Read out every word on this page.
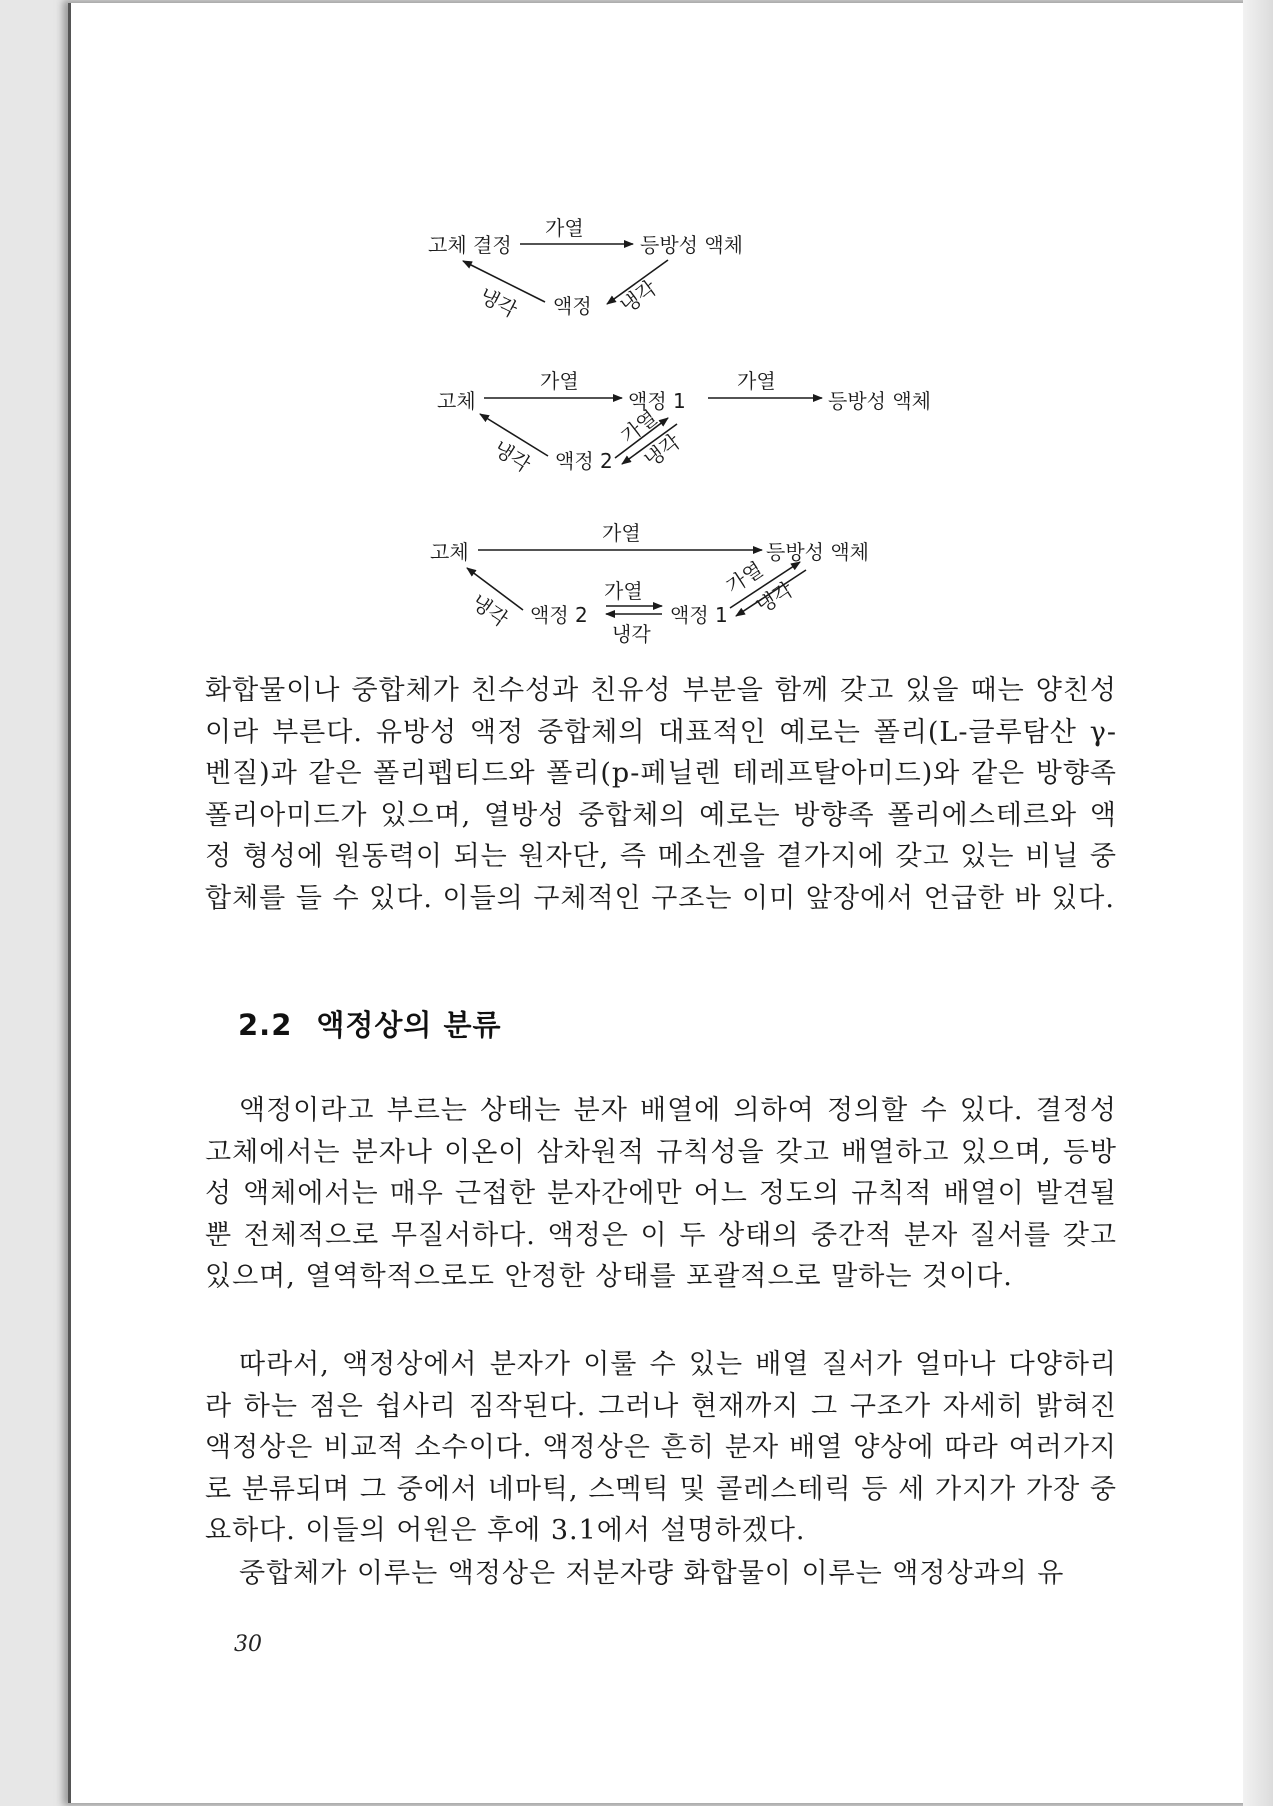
고체 결정	등방성 액체
액정
가열
냉각	냉각
고체	액정 1	등방성 액체
액정 2
가열	가열
냉각
가열
냉각
고체	등방성 액체
액정 2	액정 1
가열
냉각	가열
냉각
가열
냉각

화합물이나 중합체가 친수성과 친유성 부분을 함께 갖고 있을 때는 양친성이라 부른다. 유방성 액정 중합체의 대표적인 예로는 폴리(L-글루탐산 γ-벤질)과 같은 폴리펩티드와 폴리(p-페닐렌 테레프탈아미드)와 같은 방향족 폴리아미드가 있으며, 열방성 중합체의 예로는 방향족 폴리에스테르와 액정 형성에 원동력이 되는 원자단, 즉 메소겐을 곁가지에 갖고 있는 비닐 중합체를 들 수 있다. 이들의 구체적인 구조는 이미 앞장에서 언급한 바 있다.

2.2 액정상의 분류

액정이라고 부르는 상태는 분자 배열에 의하여 정의할 수 있다. 결정성 고체에서는 분자나 이온이 삼차원적 규칙성을 갖고 배열하고 있으며, 등방성 액체에서는 매우 근접한 분자간에만 어느 정도의 규칙적 배열이 발견될 뿐 전체적으로 무질서하다. 액정은 이 두 상태의 중간적 분자 질서를 갖고 있으며, 열역학적으로도 안정한 상태를 포괄적으로 말하는 것이다.

따라서, 액정상에서 분자가 이룰 수 있는 배열 질서가 얼마나 다양하리라 하는 점은 쉽사리 짐작된다. 그러나 현재까지 그 구조가 자세히 밝혀진 액정상은 비교적 소수이다. 액정상은 흔히 분자 배열 양상에 따라 여러가지로 분류되며 그 중에서 네마틱, 스멕틱 및 콜레스테릭 등 세 가지가 가장 중요하다. 이들의 어원은 후에 3.1에서 설명하겠다.

중합체가 이루는 액정상은 저분자량 화합물이 이루는 액정상과의 유

30
